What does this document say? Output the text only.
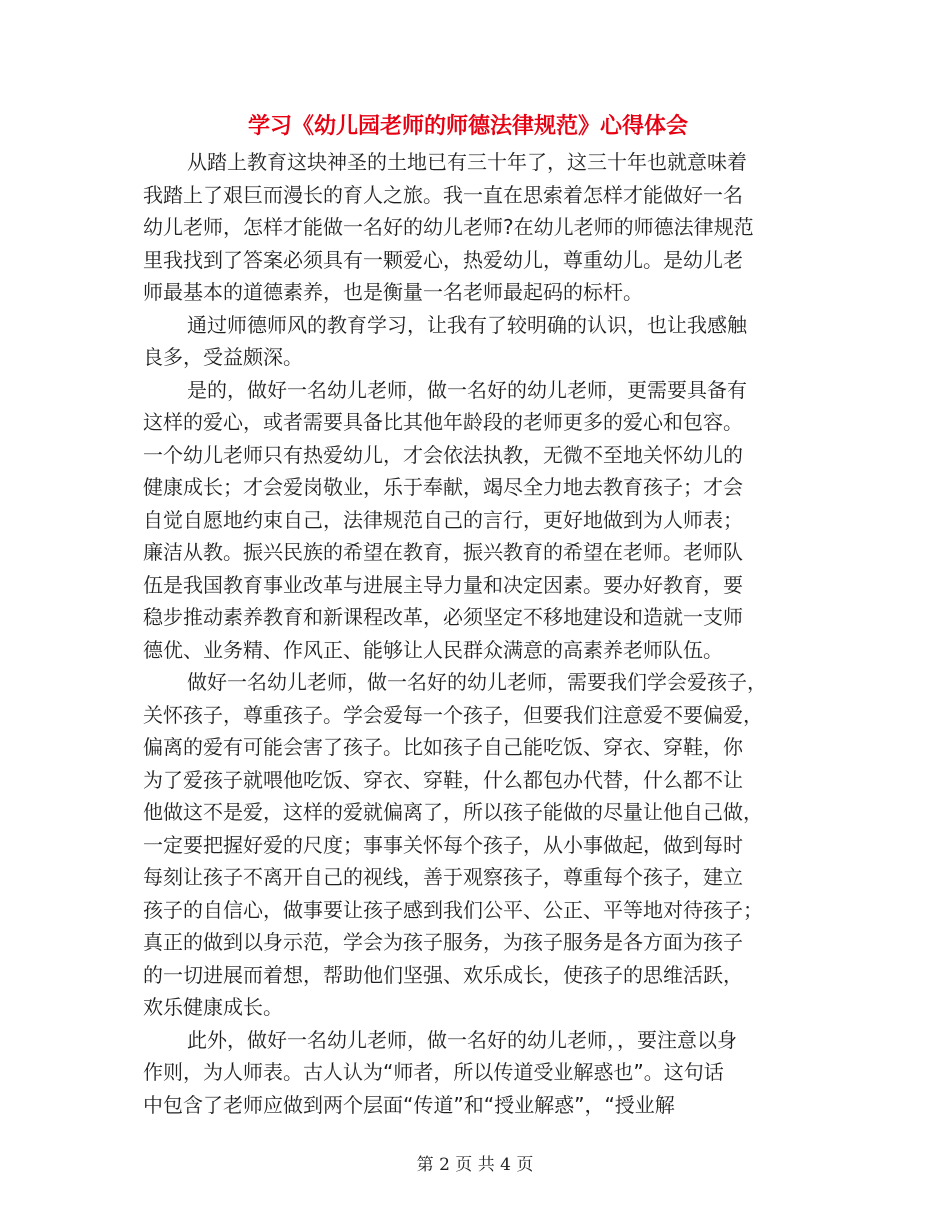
学习《幼儿园老师的师德法律规范》心得体会
从踏上教育这块神圣的土地已有三十年了，这三十年也就意味着
我踏上了艰巨而漫长的育人之旅。我一直在思索着怎样才能做好一名
幼儿老师，怎样才能做一名好的幼儿老师?在幼儿老师的师德法律规范
里我找到了答案必须具有一颗爱心，热爱幼儿，尊重幼儿。是幼儿老
师最基本的道德素养，也是衡量一名老师最起码的标杆。
通过师德师风的教育学习，让我有了较明确的认识，也让我感触
良多，受益颇深。
是的，做好一名幼儿老师，做一名好的幼儿老师，更需要具备有
这样的爱心，或者需要具备比其他年龄段的老师更多的爱心和包容。
一个幼儿老师只有热爱幼儿，才会依法执教，无微不至地关怀幼儿的
健康成长；才会爱岗敬业，乐于奉献，竭尽全力地去教育孩子；才会
自觉自愿地约束自己，法律规范自己的言行，更好地做到为人师表；
廉洁从教。振兴民族的希望在教育，振兴教育的希望在老师。老师队
伍是我国教育事业改革与进展主导力量和决定因素。要办好教育，要
稳步推动素养教育和新课程改革，必须坚定不移地建设和造就一支师
德优、业务精、作风正、能够让人民群众满意的高素养老师队伍。
做好一名幼儿老师，做一名好的幼儿老师，需要我们学会爱孩子，
关怀孩子，尊重孩子。学会爱每一个孩子，但要我们注意爱不要偏爱，
偏离的爱有可能会害了孩子。比如孩子自己能吃饭、穿衣、穿鞋，你
为了爱孩子就喂他吃饭、穿衣、穿鞋，什么都包办代替，什么都不让
他做这不是爱，这样的爱就偏离了，所以孩子能做的尽量让他自己做，
一定要把握好爱的尺度；事事关怀每个孩子，从小事做起，做到每时
每刻让孩子不离开自己的视线，善于观察孩子，尊重每个孩子，建立
孩子的自信心，做事要让孩子感到我们公平、公正、平等地对待孩子；
真正的做到以身示范，学会为孩子服务，为孩子服务是各方面为孩子
的一切进展而着想，帮助他们坚强、欢乐成长，使孩子的思维活跃，
欢乐健康成长。
此外，做好一名幼儿老师，做一名好的幼儿老师，，要注意以身
作则，为人师表。古人认为“师者，所以传道受业解惑也”。这句话
中包含了老师应做到两个层面“传道”和“授业解惑”，“授业解
第 2 页 共 4 页
